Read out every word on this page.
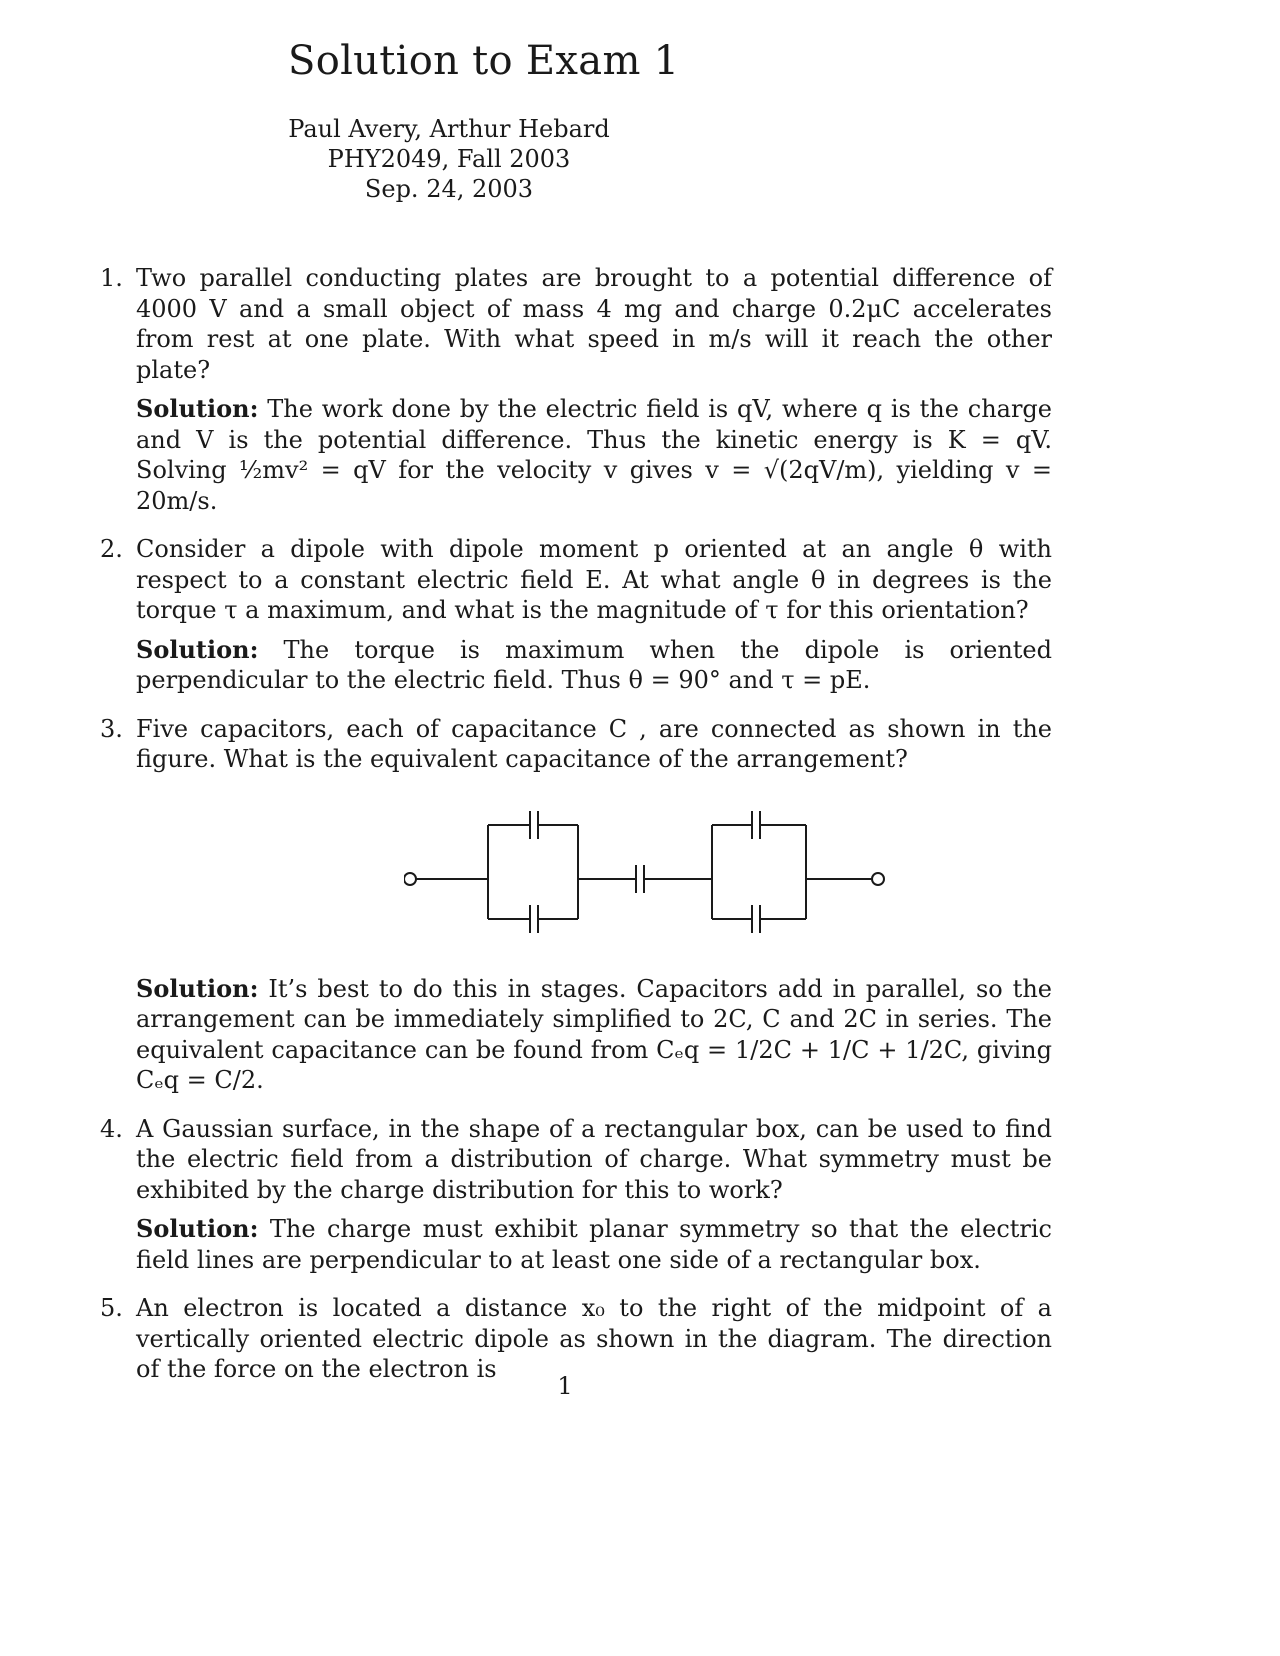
Solution to Exam 1
Paul Avery, Arthur Hebard
PHY2049, Fall 2003
Sep. 24, 2003
1. Two parallel conducting plates are brought to a potential difference of 4000 V and a small object of mass 4 mg and charge 0.2μC accelerates from rest at one plate. With what speed in m/s will it reach the other plate?
Solution: The work done by the electric field is qV, where q is the charge and V is the potential difference. Thus the kinetic energy is K = qV. Solving ½mv² = qV for the velocity v gives v = √(2qV/m), yielding v = 20m/s.
2. Consider a dipole with dipole moment p oriented at an angle θ with respect to a constant electric field E. At what angle θ in degrees is the torque τ a maximum, and what is the magnitude of τ for this orientation?
Solution: The torque is maximum when the dipole is oriented perpendicular to the electric field. Thus θ = 90° and τ = pE.
3. Five capacitors, each of capacitance C , are connected as shown in the figure. What is the equivalent capacitance of the arrangement?
Solution: It’s best to do this in stages. Capacitors add in parallel, so the arrangement can be immediately simplified to 2C, C and 2C in series. The equivalent capacitance can be found from Cₑq = 1/2C + 1/C + 1/2C, giving Cₑq = C/2.
4. A Gaussian surface, in the shape of a rectangular box, can be used to find the electric field from a distribution of charge. What symmetry must be exhibited by the charge distribution for this to work?
Solution: The charge must exhibit planar symmetry so that the electric field lines are perpendicular to at least one side of a rectangular box.
5. An electron is located a distance x₀ to the right of the midpoint of a vertically oriented electric dipole as shown in the diagram. The direction of the force on the electron is
1
